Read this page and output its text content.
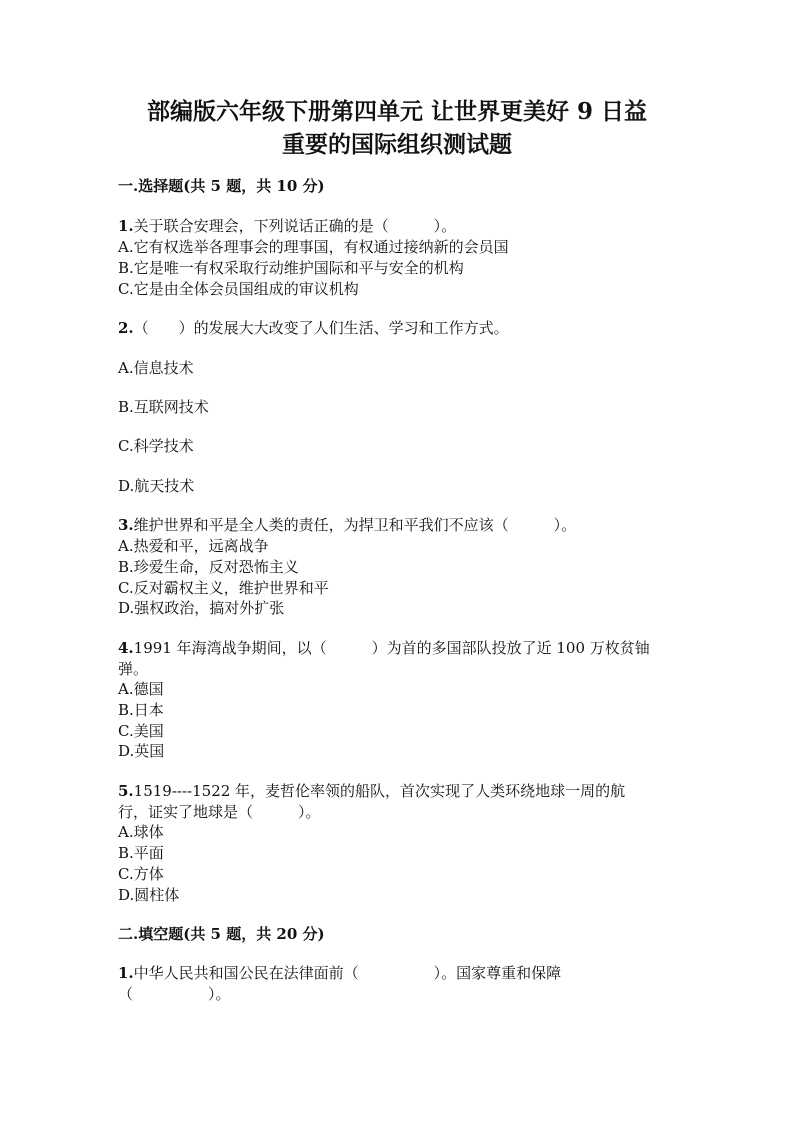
部编版六年级下册第四单元 让世界更美好 9 日益
重要的国际组织测试题
一.选择题(共 5 题，共 10 分)
1.关于联合安理会，下列说话正确的是（　　　）。
A.它有权选举各理事会的理事国，有权通过接纳新的会员国
B.它是唯一有权采取行动维护国际和平与安全的机构
C.它是由全体会员国组成的审议机构
2.（　　）的发展大大改变了人们生活、学习和工作方式。
A.信息技术
B.互联网技术
C.科学技术
D.航天技术
3.维护世界和平是全人类的责任，为捍卫和平我们不应该（　　　）。
A.热爱和平，远离战争
B.珍爱生命，反对恐怖主义
C.反对霸权主义，维护世界和平
D.强权政治，搞对外扩张
4.1991 年海湾战争期间，以（　　　）为首的多国部队投放了近 100 万枚贫铀
弹。
A.德国
B.日本
C.美国
D.英国
5.1519----1522 年，麦哲伦率领的船队，首次实现了人类环绕地球一周的航
行，证实了地球是（　　　）。
A.球体
B.平面
C.方体
D.圆柱体
二.填空题(共 5 题，共 20 分)
1.中华人民共和国公民在法律面前（　　　　　）。国家尊重和保障
（　　　　　）。
